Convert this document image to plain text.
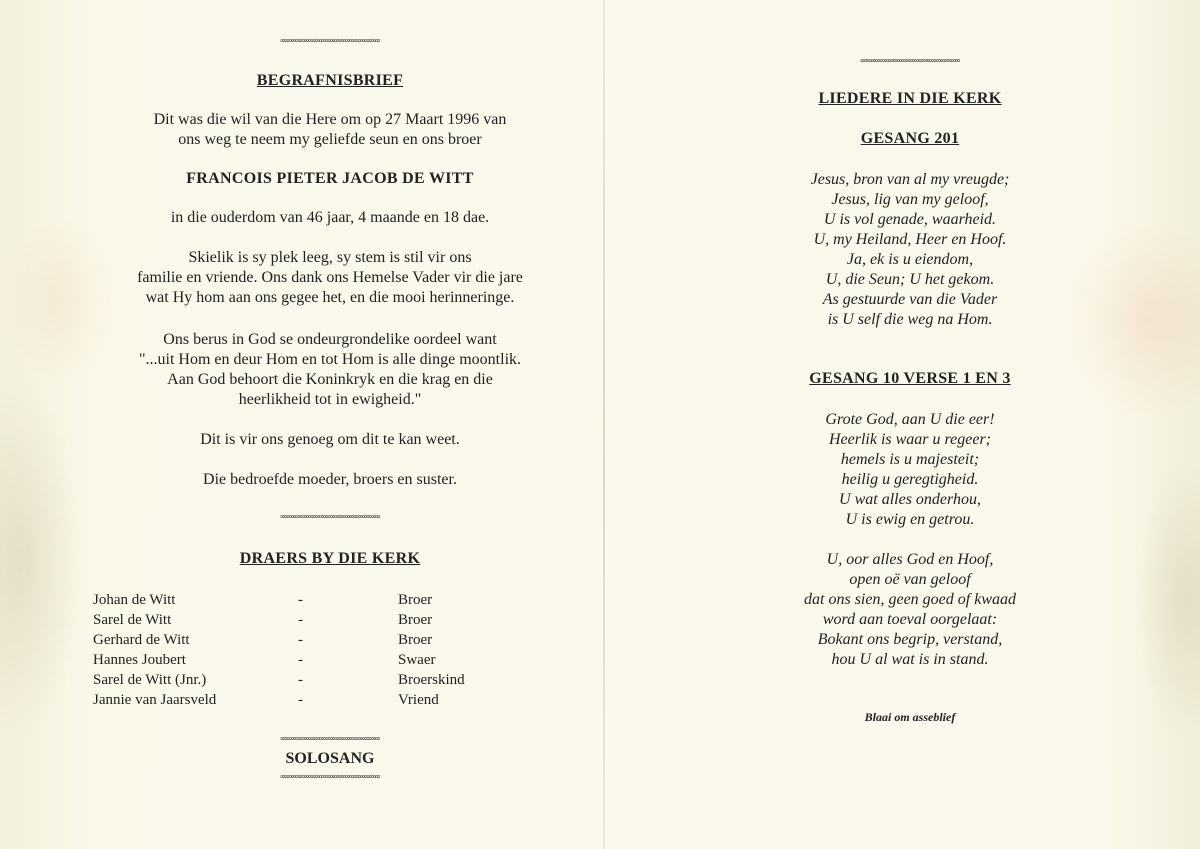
∞∞∞∞∞∞∞∞∞∞∞∞∞∞∞∞∞∞∞∞∞∞∞
BEGRAFNISBRIEF
Dit was die wil van die Here om op 27 Maart 1996 van
ons weg te neem my geliefde seun en ons broer
FRANCOIS PIETER JACOB DE WITT
in die ouderdom van 46 jaar, 4 maande en 18 dae.
Skielik is sy plek leeg, sy stem is stil vir ons
familie en vriende. Ons dank ons Hemelse Vader vir die jare
wat Hy hom aan ons gegee het, en die mooi herinneringe.
Ons berus in God se ondeurgrondelike oordeel want
"...uit Hom en deur Hom en tot Hom is alle dinge moontlik.
Aan God behoort die Koninkryk en die krag en die
heerlikheid tot in ewigheid."
Dit is vir ons genoeg om dit te kan weet.
Die bedroefde moeder, broers en suster.
∞∞∞∞∞∞∞∞∞∞∞∞∞∞∞∞∞∞∞∞∞∞∞
DRAERS BY DIE KERK
Johan de Witt	-	Broer
Sarel de Witt	-	Broer
Gerhard de Witt	-	Broer
Hannes Joubert	-	Swaer
Sarel de Witt (Jnr.)	-	Broerskind
Jannie van Jaarsveld	-	Vriend
∞∞∞∞∞∞∞∞∞∞∞∞∞∞∞∞∞∞∞∞∞∞∞
SOLOSANG
∞∞∞∞∞∞∞∞∞∞∞∞∞∞∞∞∞∞∞∞∞∞∞
∞∞∞∞∞∞∞∞∞∞∞∞∞∞∞∞∞∞∞∞∞∞∞
LIEDERE IN DIE KERK
GESANG 201
Jesus, bron van al my vreugde;
Jesus, lig van my geloof,
U is vol genade, waarheid.
U, my Heiland, Heer en Hoof.
Ja, ek is u eiendom,
U, die Seun; U het gekom.
As gestuurde van die Vader
is U self die weg na Hom.
GESANG 10 VERSE 1 EN 3
Grote God, aan U die eer!
Heerlik is waar u regeer;
hemels is u majesteit;
heilig u geregtigheid.
U wat alles onderhou,
U is ewig en getrou.
U, oor alles God en Hoof,
open oë van geloof
dat ons sien, geen goed of kwaad
word aan toeval oorgelaat:
Bokant ons begrip, verstand,
hou U al wat is in stand.
Blaai om asseblief
